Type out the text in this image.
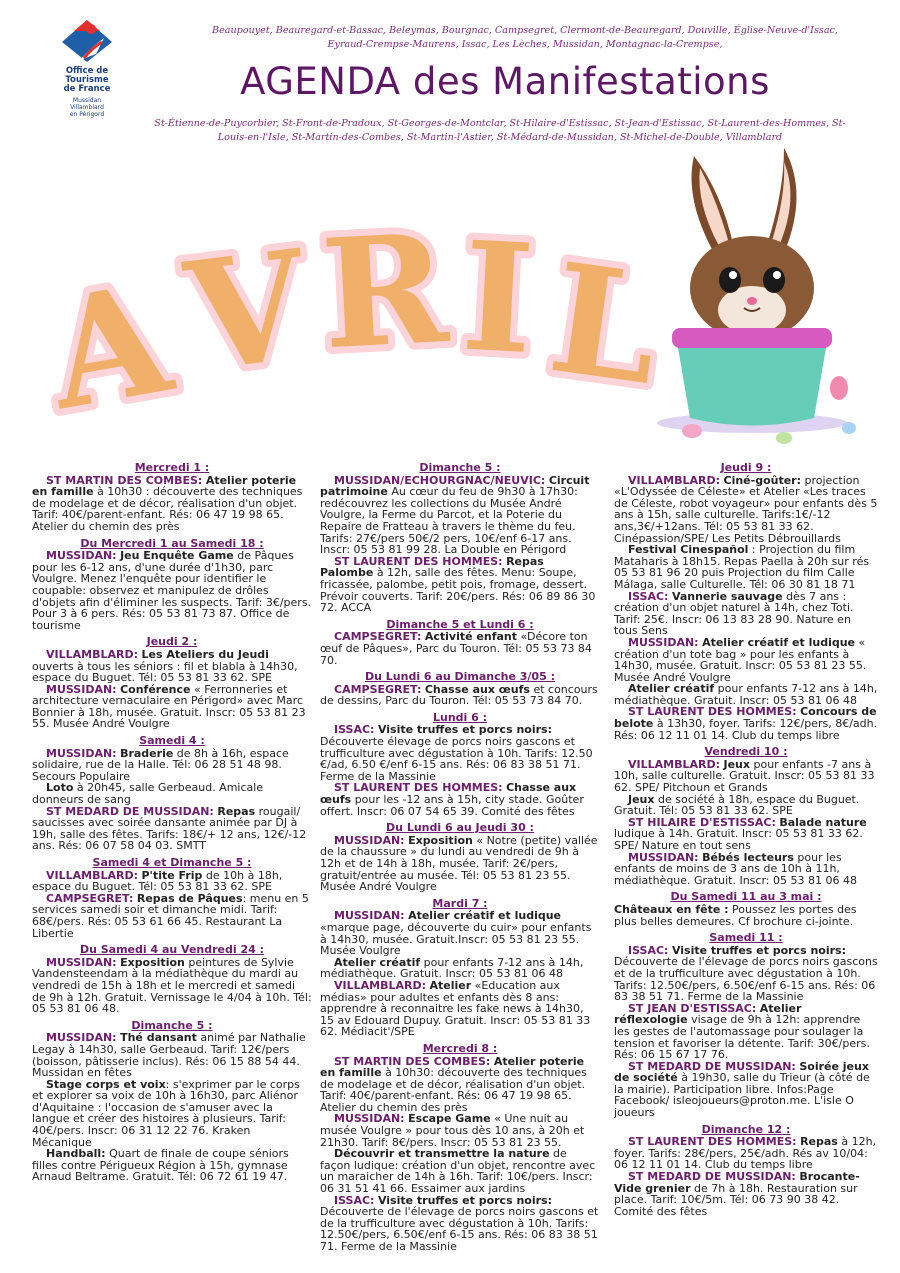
Office de
Tourisme
de France
Mussidan
Villamblard
en Périgord
Beaupouyet, Beauregard-et-Bassac, Beleymas, Bourgnac, Campsegret, Clermont-de-Beauregard, Douville, Église-Neuve-d'Issac, Eyraud-Crempse-Maurens, Issac, Les Lèches, Mussidan, Montagnac-la-Crempse,
AGENDA des Manifestations
St-Étienne-de-Puycorbier, St-Front-de-Pradoux, St-Georges-de-Montclar, St-Hilaire-d'Estissac, St-Jean-d'Estissac, St-Laurent-des-Hommes, St-Louis-en-l'Isle, St-Martin-des-Combes, St-Martin-l'Astier, St-Médard-de-Mussidan, St-Michel-de-Double, Villamblard
A
V R I L
AVRIL
Mercredi 1 :
ST MARTIN DES COMBES: Atelier poterie en famille à 10h30 : découverte des techniques de modelage et de décor, réalisation d'un objet. Tarif: 40€/parent-enfant. Rés: 06 47 19 98 65. Atelier du chemin des près
Du Mercredi 1 au Samedi 18 :
MUSSIDAN: Jeu Enquête Game de Pâques pour les 6-12 ans, d'une durée d'1h30, parc Voulgre. Menez l'enquête pour identifier le coupable: observez et manipulez de drôles d'objets afin d'éliminer les suspects. Tarif: 3€/pers. Pour 3 à 6 pers. Rés: 05 53 81 73 87. Office de tourisme
Jeudi 2 :
VILLAMBLARD: Les Ateliers du Jeudi ouverts à tous les séniors : fil et blabla à 14h30, espace du Buguet. Tél: 05 53 81 33 62. SPE
MUSSIDAN: Conférence « Ferronneries et architecture vernaculaire en Périgord» avec Marc Bonnier à 18h, musée. Gratuit. Inscr: 05 53 81 23 55. Musée André Voulgre
Samedi 4 :
MUSSIDAN: Braderie de 8h à 16h, espace solidaire, rue de la Halle. Tél: 06 28 51 48 98. Secours Populaire
Loto à 20h45, salle Gerbeaud. Amicale donneurs de sang
ST MEDARD DE MUSSIDAN: Repas rougail/ saucisses avec soirée dansante animée par DJ à 19h, salle des fêtes. Tarifs: 18€/+ 12 ans, 12€/-12 ans. Rés: 06 07 58 04 03. SMTT
Samedi 4 et Dimanche 5 :
VILLAMBLARD: P'tite Frip de 10h à 18h, espace du Buguet. Tél: 05 53 81 33 62. SPE
CAMPSEGRET: Repas de Pâques: menu en 5 services samedi soir et dimanche midi. Tarif: 68€/pers. Rés: 05 53 61 66 45. Restaurant La Libertie
Du Samedi 4 au Vendredi 24 :
MUSSIDAN: Exposition peintures de Sylvie Vandensteendam à la médiathèque du mardi au vendredi de 15h à 18h et le mercredi et samedi de 9h à 12h. Gratuit. Vernissage le 4/04 à 10h. Tél: 05 53 81 06 48.
Dimanche 5 :
MUSSIDAN: Thé dansant animé par Nathalie Legay à 14h30, salle Gerbeaud. Tarif: 12€/pers (boisson, pâtisserie inclus). Rés: 06 15 88 54 44. Mussidan en fêtes
Stage corps et voix: s'exprimer par le corps et explorer sa voix de 10h à 16h30, parc Aliénor d'Aquitaine : l'occasion de s'amuser avec la langue et créer des histoires à plusieurs. Tarif: 40€/pers. Inscr: 06 31 12 22 76. Kraken Mécanique
Handball: Quart de finale de coupe séniors filles contre Périgueux Région à 15h, gymnase Arnaud Beltrame. Gratuit. Tél: 06 72 61 19 47.
Dimanche 5 :
MUSSIDAN/ECHOURGNAC/NEUVIC: Circuit patrimoine Au cœur du feu de 9h30 à 17h30: redécouvrez les collections du Musée André Voulgre, la Ferme du Parcot, et la Poterie du Repaire de Fratteau à travers le thème du feu. Tarifs: 27€/pers 50€/2 pers, 10€/enf 6-17 ans. Inscr: 05 53 81 99 28. La Double en Périgord
ST LAURENT DES HOMMES: Repas Palombe à 12h, salle des fêtes. Menu: Soupe, fricassée, palombe, petit pois, fromage, dessert. Prévoir couverts. Tarif: 20€/pers. Rés: 06 89 86 30 72. ACCA
Dimanche 5 et Lundi 6 :
CAMPSEGRET: Activité enfant «Décore ton œuf de Pâques», Parc du Touron. Tél: 05 53 73 84 70.
Du Lundi 6 au Dimanche 3/05 :
CAMPSEGRET: Chasse aux œufs et concours de dessins, Parc du Touron. Tél: 05 53 73 84 70.
Lundi 6 :
ISSAC: Visite truffes et porcs noirs: Découverte élevage de porcs noirs gascons et trufficulture avec dégustation à 10h. Tarifs: 12.50 €/ad, 6.50 €/enf 6-15 ans. Rés: 06 83 38 51 71. Ferme de la Massinie
ST LAURENT DES HOMMES: Chasse aux œufs pour les -12 ans à 15h, city stade. Goûter offert. Inscr: 06 07 54 65 39. Comité des fêtes
Du Lundi 6 au Jeudi 30 :
MUSSIDAN: Exposition « Notre (petite) vallée de la chaussure » du lundi au vendredi de 9h à 12h et de 14h à 18h, musée. Tarif: 2€/pers, gratuit/entrée au musée. Tél: 05 53 81 23 55. Musée André Voulgre
Mardi 7 :
MUSSIDAN: Atelier créatif et ludique «marque page, découverte du cuir» pour enfants à 14h30, musée. Gratuit.Inscr: 05 53 81 23 55. Musée Voulgre
Atelier créatif pour enfants 7-12 ans à 14h, médiathèque. Gratuit. Inscr: 05 53 81 06 48
VILLAMBLARD: Atelier «Education aux médias» pour adultes et enfants dès 8 ans: apprendre à reconnaitre les fake news à 14h30, 15 av Edouard Dupuy. Gratuit. Inscr: 05 53 81 33 62. Médiacit'/SPE
Mercredi 8 :
ST MARTIN DES COMBES: Atelier poterie en famille à 10h30: découverte des techniques de modelage et de décor, réalisation d'un objet. Tarif: 40€/parent-enfant. Rés: 06 47 19 98 65. Atelier du chemin des près
MUSSIDAN: Escape Game « Une nuit au musée Voulgre » pour tous dès 10 ans, à 20h et 21h30. Tarif: 8€/pers. Inscr: 05 53 81 23 55.
Découvrir et transmettre la nature de façon ludique: création d'un objet, rencontre avec un maraicher de 14h à 16h. Tarif: 10€/pers. Inscr: 06 31 51 41 66. Essaimer aux jardins
ISSAC: Visite truffes et porcs noirs: Découverte de l'élevage de porcs noirs gascons et de la trufficulture avec dégustation à 10h. Tarifs: 12.50€/pers, 6.50€/enf 6-15 ans. Rés: 06 83 38 51 71. Ferme de la Massinie
Jeudi 9 :
VILLAMBLARD: Ciné-goûter: projection «L'Odyssée de Céleste» et Atelier «Les traces de Céleste, robot voyageur» pour enfants dès 5 ans à 15h, salle culturelle. Tarifs:1€/-12 ans,3€/+12ans. Tél: 05 53 81 33 62. Cinépassion/SPE/ Les Petits Débrouillards
Festival Cinespañol : Projection du film Mataharis à 18h15. Repas Paella à 20h sur rés 05 53 81 96 20 puis Projection du film Calle Málaga, salle Culturelle. Tél: 06 30 81 18 71
ISSAC: Vannerie sauvage dès 7 ans : création d'un objet naturel à 14h, chez Toti. Tarif: 25€. Inscr: 06 13 83 28 90. Nature en tous Sens
MUSSIDAN: Atelier créatif et ludique « création d'un tote bag » pour les enfants à 14h30, musée. Gratuit. Inscr: 05 53 81 23 55. Musée André Voulgre
Atelier créatif pour enfants 7-12 ans à 14h, médiathèque. Gratuit. Inscr: 05 53 81 06 48
ST LAURENT DES HOMMES: Concours de belote à 13h30, foyer. Tarifs: 12€/pers, 8€/adh. Rés: 06 12 11 01 14. Club du temps libre
Vendredi 10 :
VILLAMBLARD: Jeux pour enfants -7 ans à 10h, salle culturelle. Gratuit. Inscr: 05 53 81 33 62. SPE/ Pitchoun et Grands
Jeux de société à 18h, espace du Buguet. Gratuit. Tél: 05 53 81 33 62. SPE
ST HILAIRE D'ESTISSAC: Balade nature ludique à 14h. Gratuit. Inscr: 05 53 81 33 62. SPE/ Nature en tout sens
MUSSIDAN: Bébés lecteurs pour les enfants de moins de 3 ans de 10h à 11h, médiathèque. Gratuit. Inscr: 05 53 81 06 48
Du Samedi 11 au 3 mai :
Châteaux en fête : Poussez les portes des plus belles demeures. Cf brochure ci-jointe.
Samedi 11 :
ISSAC: Visite truffes et porcs noirs: Découverte de l'élevage de porcs noirs gascons et de la trufficulture avec dégustation à 10h. Tarifs: 12.50€/pers, 6.50€/enf 6-15 ans. Rés: 06 83 38 51 71. Ferme de la Massinie
ST JEAN D'ESTISSAC: Atelier réflexologie visage de 9h à 12h: apprendre les gestes de l'automassage pour soulager la tension et favoriser la détente. Tarif: 30€/pers. Rés: 06 15 67 17 76.
ST MEDARD DE MUSSIDAN: Soirée jeux de société à 19h30, salle du Trieur (à côté de la mairie). Participation libre. Infos:Page Facebook/ isleojoueurs@proton.me. L'isle O joueurs
Dimanche 12 :
ST LAURENT DES HOMMES: Repas à 12h, foyer. Tarifs: 28€/pers, 25€/adh. Rés av 10/04: 06 12 11 01 14. Club du temps libre
ST MEDARD DE MUSSIDAN: Brocante-Vide grenier de 7h à 18h. Restauration sur place. Tarif: 10€/5m. Tél: 06 73 90 38 42. Comité des fêtes
